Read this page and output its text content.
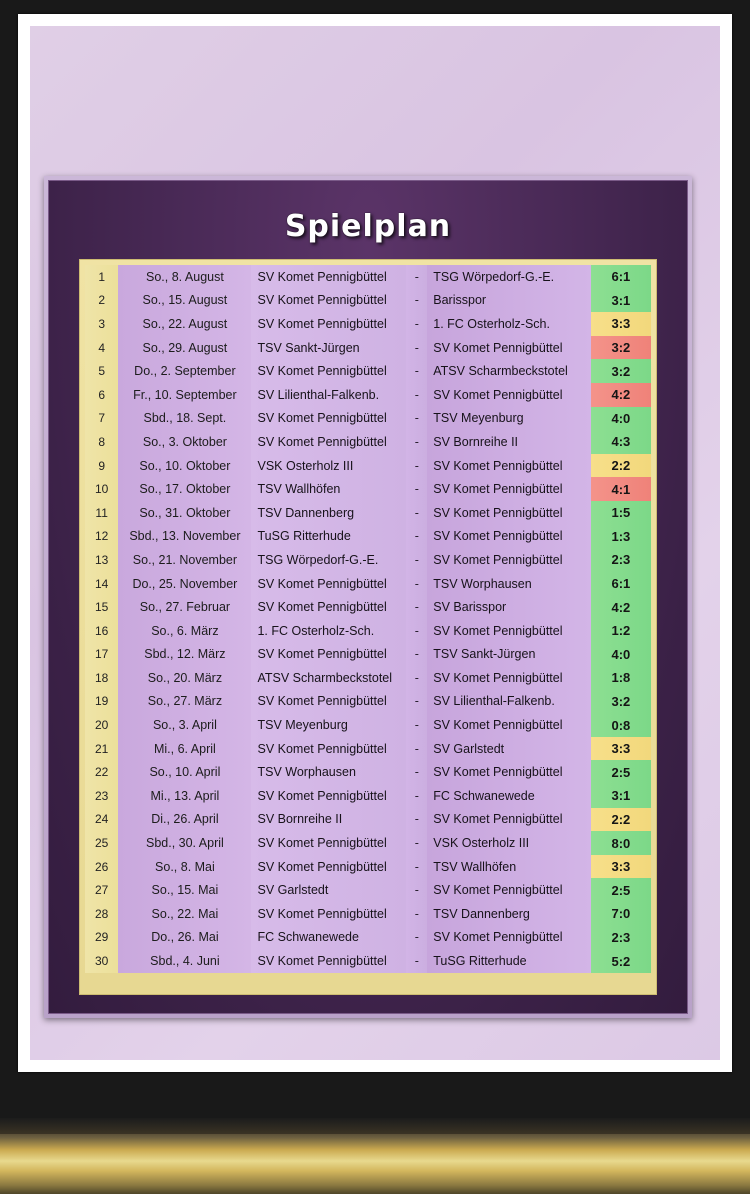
Spielplan
1	So., 8. August	SV Komet Pennigbüttel	-	TSG Wörpedorf-G.-E.	6:1
2	So., 15. August	SV Komet Pennigbüttel	-	Barisspor	3:1
3	So., 22. August	SV Komet Pennigbüttel	-	1. FC Osterholz-Sch.	3:3
4	So., 29. August	TSV Sankt-Jürgen	-	SV Komet Pennigbüttel	3:2
5	Do., 2. September	SV Komet Pennigbüttel	-	ATSV Scharmbeckstotel	3:2
6	Fr., 10. September	SV Lilienthal-Falkenb.	-	SV Komet Pennigbüttel	4:2
7	Sbd., 18. Sept.	SV Komet Pennigbüttel	-	TSV Meyenburg	4:0
8	So., 3. Oktober	SV Komet Pennigbüttel	-	SV Bornreihe II	4:3
9	So., 10. Oktober	VSK Osterholz III	-	SV Komet Pennigbüttel	2:2
10	So., 17. Oktober	TSV Wallhöfen	-	SV Komet Pennigbüttel	4:1
11	So., 31. Oktober	TSV Dannenberg	-	SV Komet Pennigbüttel	1:5
12	Sbd., 13. November	TuSG Ritterhude	-	SV Komet Pennigbüttel	1:3
13	So., 21. November	TSG Wörpedorf-G.-E.	-	SV Komet Pennigbüttel	2:3
14	Do., 25. November	SV Komet Pennigbüttel	-	TSV Worphausen	6:1
15	So., 27. Februar	SV Komet Pennigbüttel	-	SV Barisspor	4:2
16	So., 6. März	1. FC Osterholz-Sch.	-	SV Komet Pennigbüttel	1:2
17	Sbd., 12. März	SV Komet Pennigbüttel	-	TSV Sankt-Jürgen	4:0
18	So., 20. März	ATSV Scharmbeckstotel	-	SV Komet Pennigbüttel	1:8
19	So., 27. März	SV Komet Pennigbüttel	-	SV Lilienthal-Falkenb.	3:2
20	So., 3. April	TSV Meyenburg	-	SV Komet Pennigbüttel	0:8
21	Mi., 6. April	SV Komet Pennigbüttel	-	SV Garlstedt	3:3
22	So., 10. April	TSV Worphausen	-	SV Komet Pennigbüttel	2:5
23	Mi., 13. April	SV Komet Pennigbüttel	-	FC Schwanewede	3:1
24	Di., 26. April	SV Bornreihe II	-	SV Komet Pennigbüttel	2:2
25	Sbd., 30. April	SV Komet Pennigbüttel	-	VSK Osterholz III	8:0
26	So., 8. Mai	SV Komet Pennigbüttel	-	TSV Wallhöfen	3:3
27	So., 15. Mai	SV Garlstedt	-	SV Komet Pennigbüttel	2:5
28	So., 22. Mai	SV Komet Pennigbüttel	-	TSV Dannenberg	7:0
29	Do., 26. Mai	FC Schwanewede	-	SV Komet Pennigbüttel	2:3
30	Sbd., 4. Juni	SV Komet Pennigbüttel	-	TuSG Ritterhude	5:2
